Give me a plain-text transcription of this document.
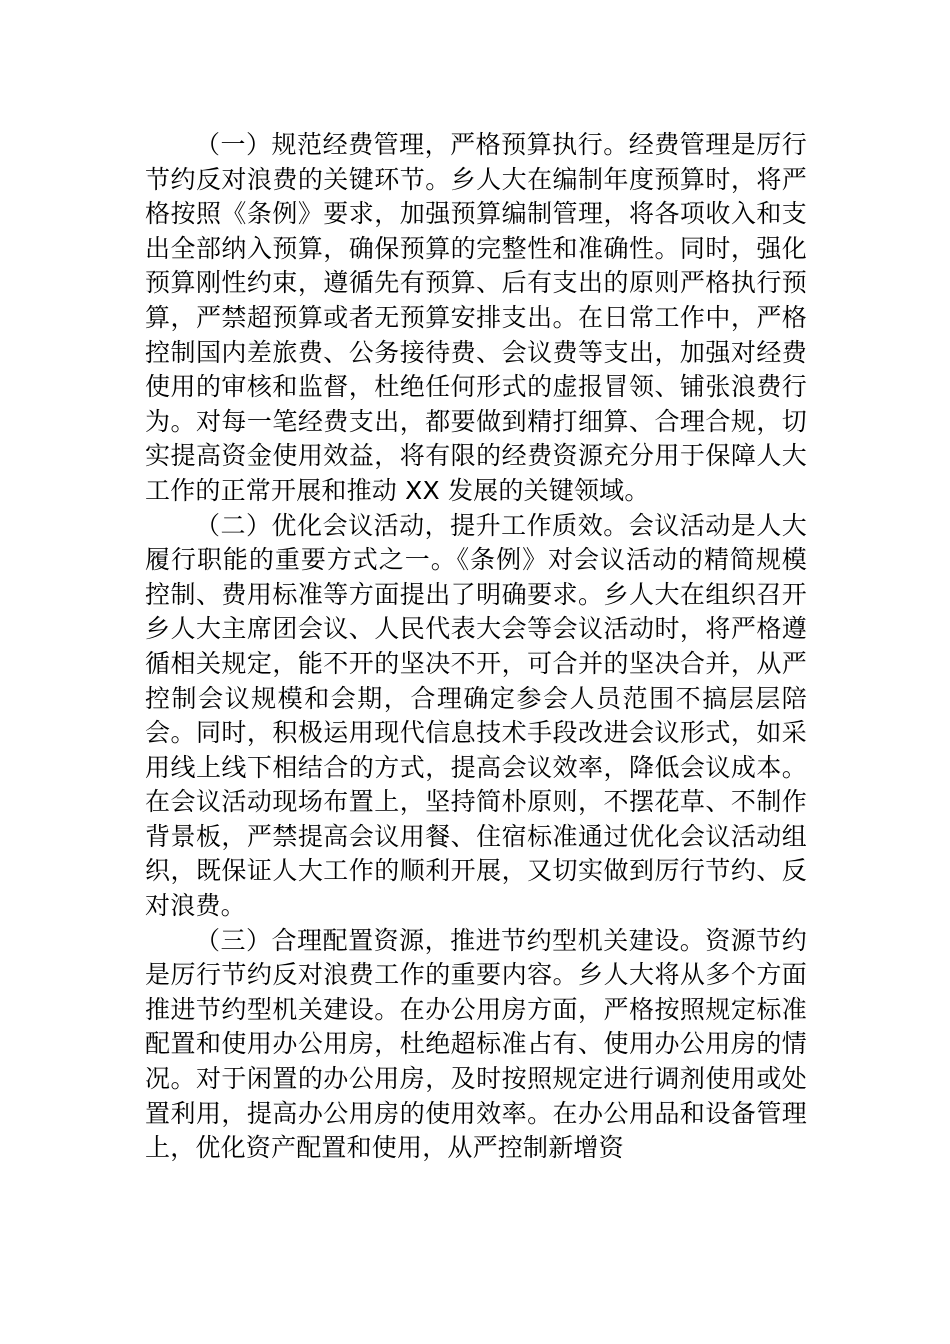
（一）规范经费管理，严格预算执行。经费管理是厉行节约反对浪费的关键环节。乡人大在编制年度预算时，将严格按照《条例》要求，加强预算编制管理，将各项收入和支出全部纳入预算，确保预算的完整性和准确性。同时，强化预算刚性约束，遵循先有预算、后有支出的原则严格执行预算，严禁超预算或者无预算安排支出。在日常工作中，严格控制国内差旅费、公务接待费、会议费等支出，加强对经费使用的审核和监督，杜绝任何形式的虚报冒领、铺张浪费行为。对每一笔经费支出，都要做到精打细算、合理合规，切实提高资金使用效益，将有限的经费资源充分用于保障人大工作的正常开展和推动 XX 发展的关键领域。

（二）优化会议活动，提升工作质效。会议活动是人大履行职能的重要方式之一。《条例》对会议活动的精简规模控制、费用标准等方面提出了明确要求。乡人大在组织召开乡人大主席团会议、人民代表大会等会议活动时，将严格遵循相关规定，能不开的坚决不开，可合并的坚决合并，从严控制会议规模和会期，合理确定参会人员范围不搞层层陪会。同时，积极运用现代信息技术手段改进会议形式，如采用线上线下相结合的方式，提高会议效率，降低会议成本。在会议活动现场布置上，坚持简朴原则，不摆花草、不制作背景板，严禁提高会议用餐、住宿标准通过优化会议活动组织，既保证人大工作的顺利开展，又切实做到厉行节约、反对浪费。

（三）合理配置资源，推进节约型机关建设。资源节约是厉行节约反对浪费工作的重要内容。乡人大将从多个方面推进节约型机关建设。在办公用房方面，严格按照规定标准配置和使用办公用房，杜绝超标准占有、使用办公用房的情况。对于闲置的办公用房，及时按照规定进行调剂使用或处置利用，提高办公用房的使用效率。在办公用品和设备管理上，优化资产配置和使用，从严控制新增资
